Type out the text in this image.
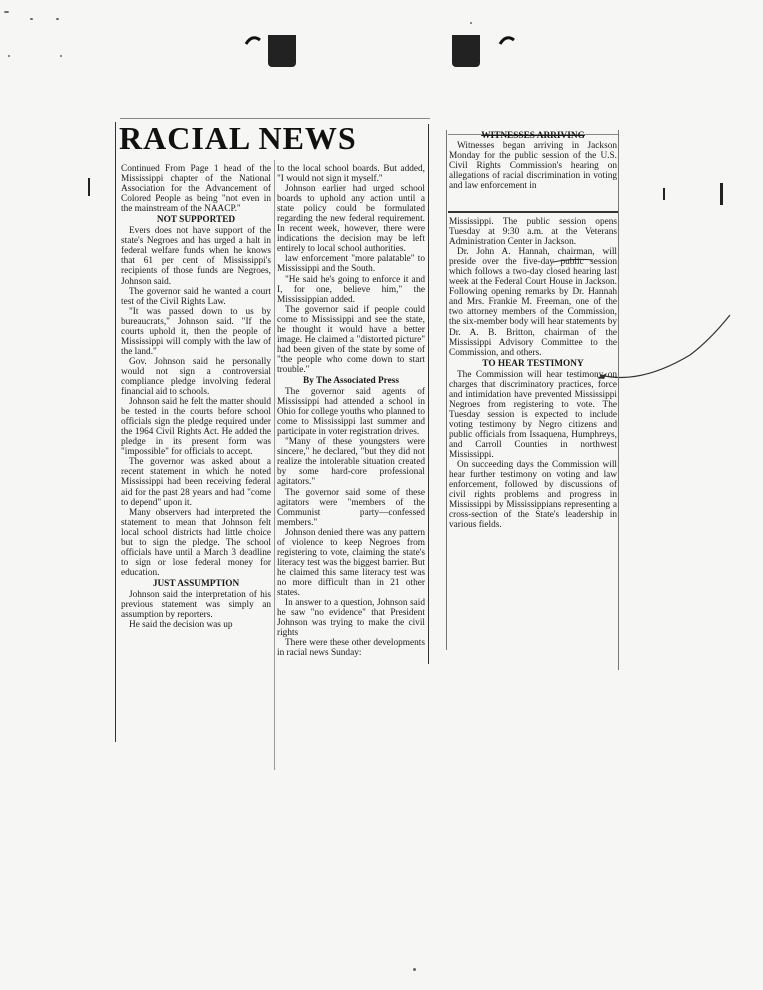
RACIAL NEWS

Continued From Page 1 head of the Mississippi chapter of the National Association for the Advancement of Colored People as being "not even in the mainstream of the NAACP."

NOT SUPPORTED

Evers does not have support of the state's Negroes and has urged a halt in federal welfare funds when he knows that 61 per cent of Mississippi's recipients of those funds are Negroes, Johnson said.

The governor said he wanted a court test of the Civil Rights Law.

"It was passed down to us by bureaucrats," Johnson said. "If the courts uphold it, then the people of Mississippi will comply with the law of the land."

Gov. Johnson said he personally would not sign a controversial compliance pledge involving federal financial aid to schools.

Johnson said he felt the matter should be tested in the courts before school officials sign the pledge required under the 1964 Civil Rights Act. He added the pledge in its present form was "impossible" for officials to accept.

The governor was asked about a recent statement in which he noted Mississippi had been receiving federal aid for the past 28 years and had "come to depend" upon it.

Many observers had interpreted the statement to mean that Johnson felt local school districts had little choice but to sign the pledge. The school officials have until a March 3 deadline to sign or lose federal money for education.

JUST ASSUMPTION

Johnson said the interpretation of his previous statement was simply an assumption by reporters.

He said the decision was up

to the local school boards. But added, "I would not sign it myself."

Johnson earlier had urged school boards to uphold any action until a state policy could be formulated regarding the new federal requirement. In recent week, however, there were indications the decision may be left entirely to local school authorities.

law enforcement "more palatable" to Mississippi and the South.

"He said he's going to enforce it and I, for one, believe him," the Mississippian added.

The governor said if people could come to Mississippi and see the state, he thought it would have a better image. He claimed a "distorted picture" had been given of the state by some of "the people who come down to start trouble."

By The Associated Press

The governor said agents of Mississippi had attended a school in Ohio for college youths who planned to come to Mississippi last summer and participate in voter registration drives.

"Many of these youngsters were sincere," he declared, "but they did not realize the intolerable situation created by some hard-core professional agitators."

The governor said some of these agitators were "members of the Communist party—confessed members."

Johnson denied there was any pattern of violence to keep Negroes from registering to vote, claiming the state's literacy test was the biggest barrier. But he claimed this same literacy test was no more difficult than in 21 other states.

In answer to a question, Johnson said he saw "no evidence" that President Johnson was trying to make the civil rights

There were these other developments in racial news Sunday:

WITNESSES ARRIVING

Witnesses began arriving in Jackson Monday for the public session of the U.S. Civil Rights Commission's hearing on allegations of racial discrimination in voting and law enforcement in

Mississippi. The public session opens Tuesday at 9:30 a.m. at the Veterans Administration Center in Jackson.

Dr. John A. Hannah, chairman, will preside over the five-day public session which follows a two-day closed hearing last week at the Federal Court House in Jackson. Following opening remarks by Dr. Hannah and Mrs. Frankie M. Freeman, one of the two attorney members of the Commission, the six-member body will hear statements by Dr. A. B. Britton, chairman of the Mississippi Advisory Committee to the Commission, and others.

TO HEAR TESTIMONY

The Commission will hear testimony on charges that discriminatory practices, force and intimidation have prevented Mississippi Negroes from registering to vote. The Tuesday session is expected to include voting testimony by Negro citizens and public officials from Issaquena, Humphreys, and Carroll Counties in northwest Mississippi.

On succeeding days the Commission will hear further testimony on voting and law enforcement, followed by discussions of civil rights problems and progress in Mississippi by Mississippians representing a cross-section of the State's leadership in various fields.
